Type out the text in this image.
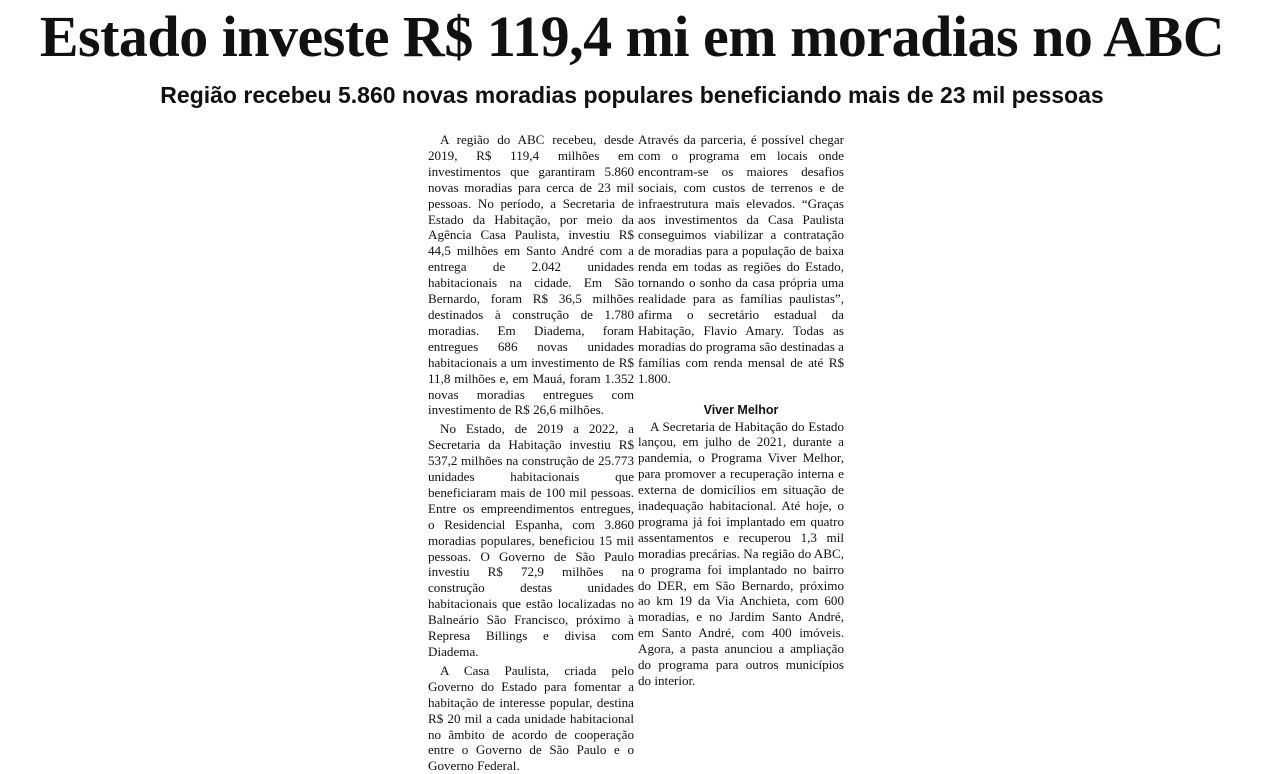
Estado investe R$ 119,4 mi em moradias no ABC
Região recebeu 5.860 novas moradias populares beneficiando mais de 23 mil pessoas

A região do ABC recebeu, desde 2019, R$ 119,4 milhões em investimentos que garantiram 5.860 novas moradias para cerca de 23 mil pessoas. No período, a Secretaria de Estado da Habitação, por meio da Agência Casa Paulista, investiu R$ 44,5 milhões em Santo André com a entrega de 2.042 unidades habitacionais na cidade. Em São Bernardo, foram R$ 36,5 milhões destinados à construção de 1.780 moradias. Em Diadema, foram entregues 686 novas unidades habitacionais a um investimento de R$ 11,8 milhões e, em Mauá, foram 1.352 novas moradias entregues com investimento de R$ 26,6 milhões.

No Estado, de 2019 a 2022, a Secretaria da Habitação investiu R$ 537,2 milhões na construção de 25.773 unidades habitacionais que beneficiaram mais de 100 mil pessoas. Entre os empreendimentos entregues, o Residencial Espanha, com 3.860 moradias populares, beneficiou 15 mil pessoas. O Governo de São Paulo investiu R$ 72,9 milhões na construção destas unidades habitacionais que estão localizadas no Balneário São Francisco, próximo à Represa Billings e divisa com Diadema.

A Casa Paulista, criada pelo Governo do Estado para fomentar a habitação de interesse popular, destina R$ 20 mil a cada unidade habitacional no âmbito de acordo de cooperação entre o Governo de São Paulo e o Governo Federal.

Através da parceria, é possível chegar com o programa em locais onde encontram-se os maiores desafios sociais, com custos de terrenos e de infraestrutura mais elevados. “Graças aos investimentos da Casa Paulista conseguimos viabilizar a contratação de moradias para a população de baixa renda em todas as regiões do Estado, tornando o sonho da casa própria uma realidade para as famílias paulistas”, afirma o secretário estadual da Habitação, Flavio Amary. Todas as moradias do programa são destinadas a famílias com renda mensal de até R$ 1.800.

Viver Melhor

A Secretaria de Habitação do Estado lançou, em julho de 2021, durante a pandemia, o Programa Viver Melhor, para promover a recuperação interna e externa de domicílios em situação de inadequação habitacional. Até hoje, o programa já foi implantado em quatro assentamentos e recuperou 1,3 mil moradias precárias. Na região do ABC, o programa foi implantado no bairro do DER, em São Bernardo, próximo ao km 19 da Via Anchieta, com 600 moradias, e no Jardim Santo André, em Santo André, com 400 imóveis. Agora, a pasta anunciou a ampliação do programa para outros municípios do interior.
